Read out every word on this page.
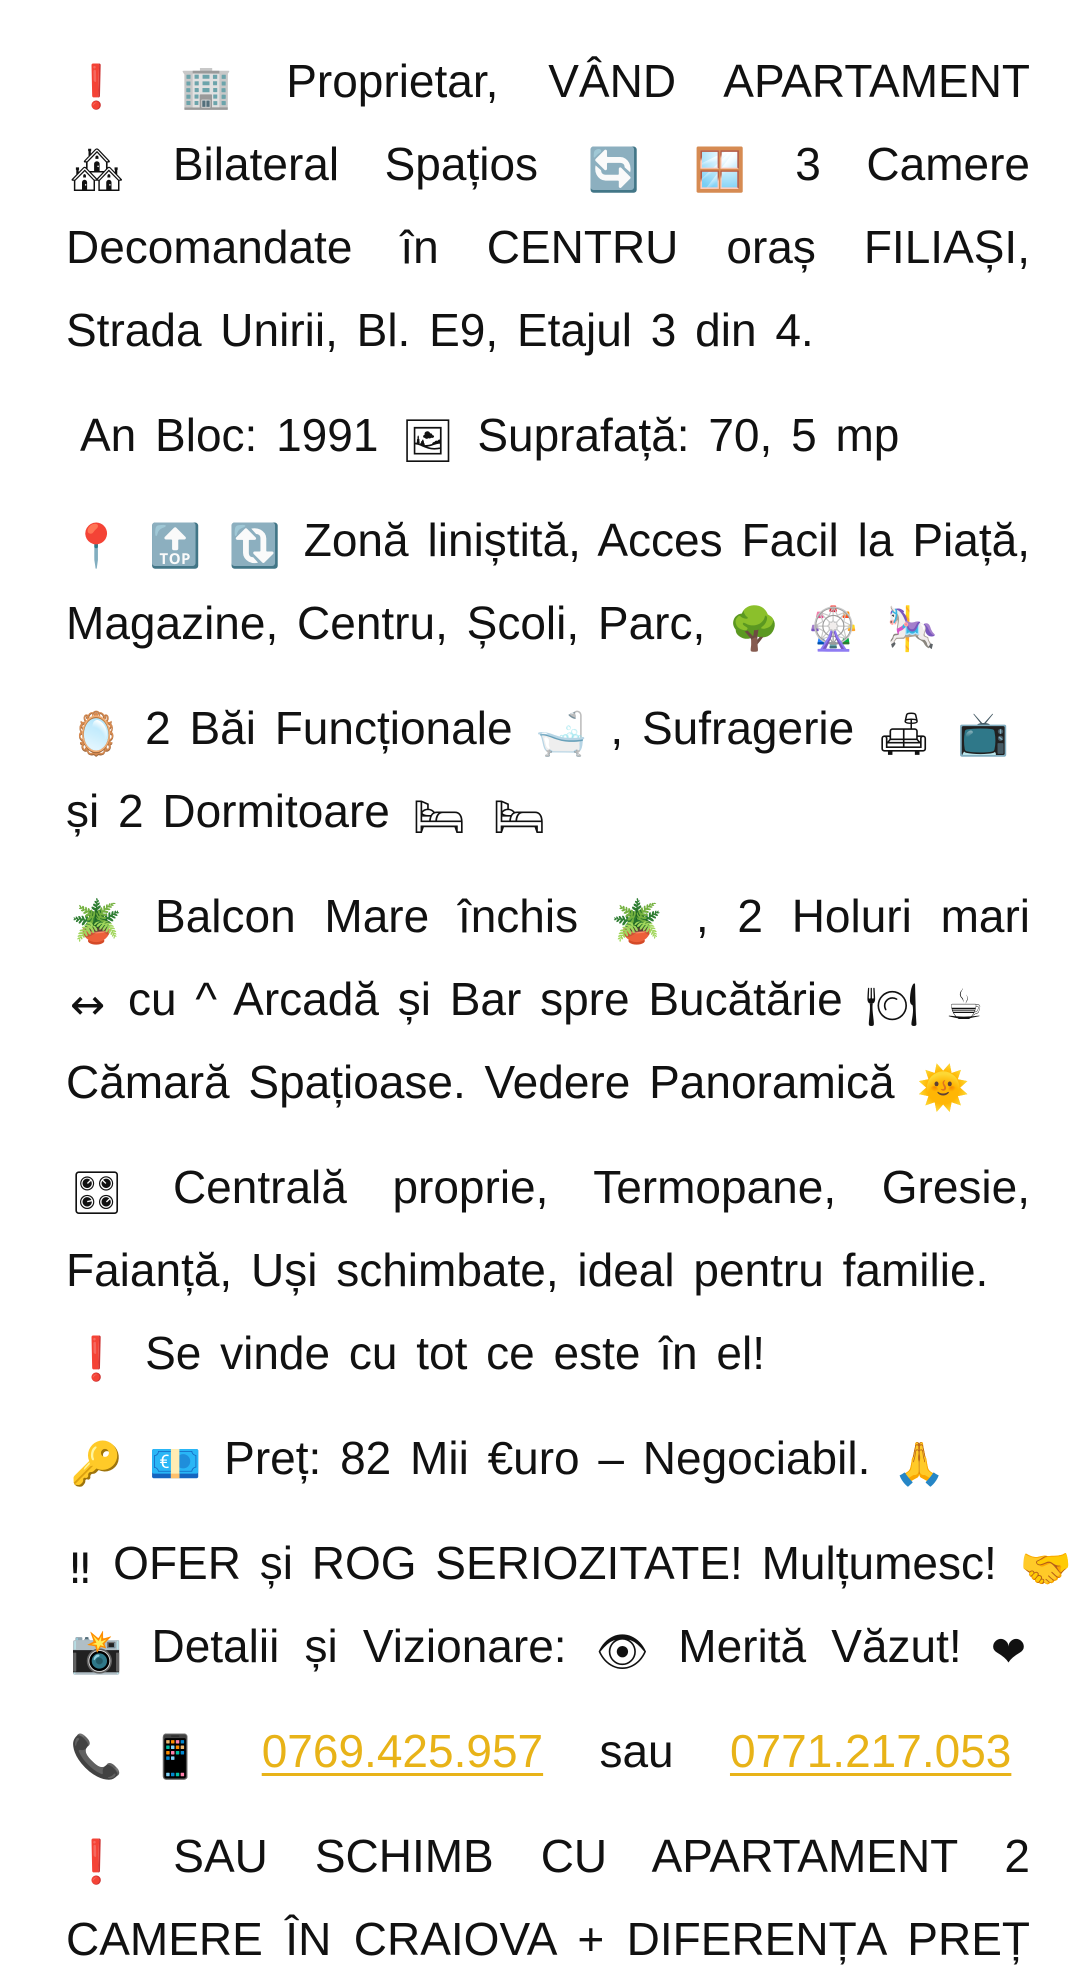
❗ 🏢 Proprietar, VÂND APARTAMENT
🏘 Bilateral Spațios 🔄 🪟 3 Camere
Decomandate în CENTRU oraș FILIAȘI,
Strada Unirii, Bl. E9, Etajul 3 din 4.

An Bloc: 1991 🖼 Suprafață: 70, 5 mp

📍 🔝 🔃 Zonă liniștită, Acces Facil la Piață,
Magazine, Centru, Școli, Parc, 🌳 🎡 🎠

🪞 2 Băi Funcționale 🛁 , Sufragerie 🛋 📺
și 2 Dormitoare 🛏 🛏

🪴 Balcon Mare închis 🪴 , 2 Holuri mari
↔ cu ^ Arcadă și Bar spre Bucătărie 🍽 ☕
Cămară Spațioase. Vedere Panoramică 🌞

🎛 Centrală proprie, Termopane, Gresie,
Faianță, Uși schimbate, ideal pentru familie.
❗ Se vinde cu tot ce este în el!

🔑 💶 Preț: 82 Mii €uro – Negociabil. 🙏

‼ OFER și ROG SERIOZITATE! Mulțumesc! 🤝
📸 Detalii și Vizionare: 👁 Merită Văzut! ❤

📞 📱 0769.425.957 sau 0771.217.053

❗ SAU SCHIMB CU APARTAMENT 2
CAMERE ÎN CRAIOVA + DIFERENȚA PREȚ
